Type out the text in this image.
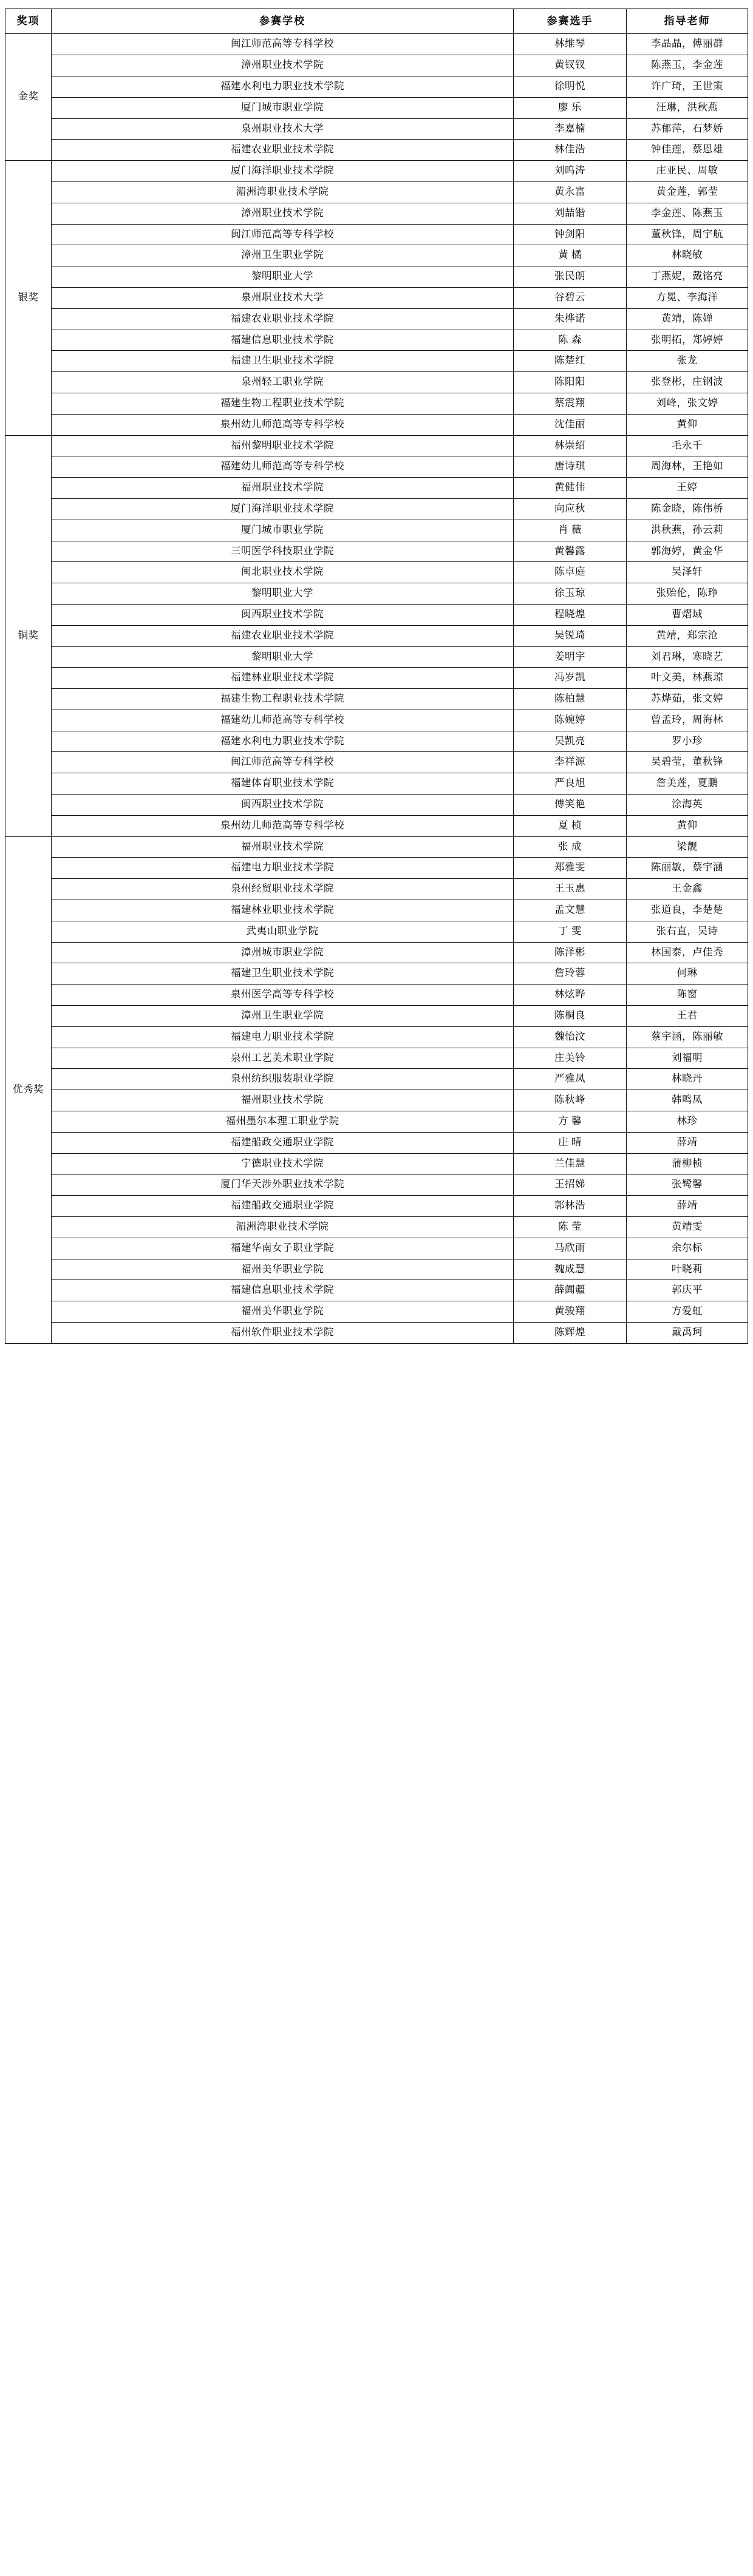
奖项	参赛学校	参赛选手	指导老师
金奖	闽江师范高等专科学校	林维琴	李晶晶，傅丽群
	漳州职业技术学院	黄钗钗	陈燕玉，李金莲
	福建水利电力职业技术学院	徐明悦	许广琦，王世策
	厦门城市职业学院	廖 乐	汪琳，洪秋燕
	泉州职业技术大学	李嘉楠	苏郁萍，石梦娇
	福建农业职业技术学院	林佳浩	钟佳莲，蔡恩雄
银奖	厦门海洋职业技术学院	刘呜涛	庄亚民、周敏
	湄洲湾职业技术学院	黄永富	黄金莲，郭莹
	漳州职业技术学院	刘喆锴	李金莲、陈燕玉
	闽江师范高等专科学校	钟剑阳	董秋锋，周宇航
	漳州卫生职业学院	黄 橘	林晓敏
	黎明职业大学	张民朗	丁燕妮，戴铭亮
	泉州职业技术大学	谷碧云	方冕、李海洋
	福建农业职业技术学院	朱桦诺	黄靖，陈婵
	福建信息职业技术学院	陈 森	张明拓，郑婷婷
	福建卫生职业技术学院	陈楚红	张龙
	泉州轻工职业学院	陈阳阳	张登彬，庄钢波
	福建生物工程职业技术学院	蔡震翔	刘峰，张文婷
	泉州幼儿师范高等专科学校	沈佳丽	黄仰
铜奖	福州黎明职业技术学院	林崇绍	毛永千
	福建幼儿师范高等专科学校	唐诗琪	周海林，王艳如
	福州职业技术学院	黄健伟	王婷
	厦门海洋职业技术学院	向应秋	陈金晓，陈伟桥
	厦门城市职业学院	肖 薇	洪秋燕，孙云莉
	三明医学科技职业学院	黄馨露	郭海婷，黄金华
	闽北职业技术学院	陈卓庭	吴泽轩
	黎明职业大学	徐玉琼	张贻伦，陈琤
	闽西职业技术学院	程晓煌	曹熠域
	福建农业职业技术学院	吴锐琦	黄靖，郑宗沧
	黎明职业大学	姜明宇	刘君琳，寒晓艺
	福建林业职业技术学院	冯岁凯	叶文美，林燕琼
	福建生物工程职业技术学院	陈柏慧	苏烨茹，张文婷
	福建幼儿师范高等专科学校	陈婉婷	曾孟玲，周海林
	福建水利电力职业技术学院	吴凯亮	罗小珍
	闽江师范高等专科学校	李祥源	吴碧莹，董秋锋
	福建体育职业技术学院	严良旭	詹美莲，夏鹏
	闽西职业技术学院	傅笑艳	涂海英
	泉州幼儿师范高等专科学校	夏 桢	黄仰
优秀奖	福州职业技术学院	张 成	梁靓
	福建电力职业技术学院	郑雅雯	陈丽敏，蔡宇涵
	泉州经贸职业技术学院	王玉惠	王金鑫
	福建林业职业技术学院	孟文慧	张道良，李楚楚
	武夷山职业学院	丁 雯	张右直，吴诗
	漳州城市职业学院	陈泽彬	林国泰，卢佳秀
	福建卫生职业技术学院	詹玲蓉	何琳
	泉州医学高等专科学校	林炫晔	陈窗
	漳州卫生职业学院	陈桐良	王君
	福建电力职业技术学院	魏怡汶	蔡宇涵，陈丽敏
	泉州工艺美术职业学院	庄美铃	刘福明
	泉州纺织服装职业学院	严雅凤	林晓丹
	福州职业技术学院	陈秋峰	韩鸣凤
	福州墨尔本理工职业学院	方 馨	林珍
	福建船政交通职业学院	庄 晴	薛靖
	宁德职业技术学院	兰佳慧	蒲柳桢
	厦门华天涉外职业技术学院	王招娣	张鹭馨
	福建船政交通职业学院	郭林浩	薛靖
	湄洲湾职业技术学院	陈 莹	黄靖雯
	福建华南女子职业学院	马欣雨	余尔标
	福州美华职业学院	魏成慧	叶晓莉
	福建信息职业技术学院	薛阗疆	郭庆平
	福州美华职业学院	黄骏翔	方爱虹
	福州软件职业技术学院	陈辉煌	戴禹珂
